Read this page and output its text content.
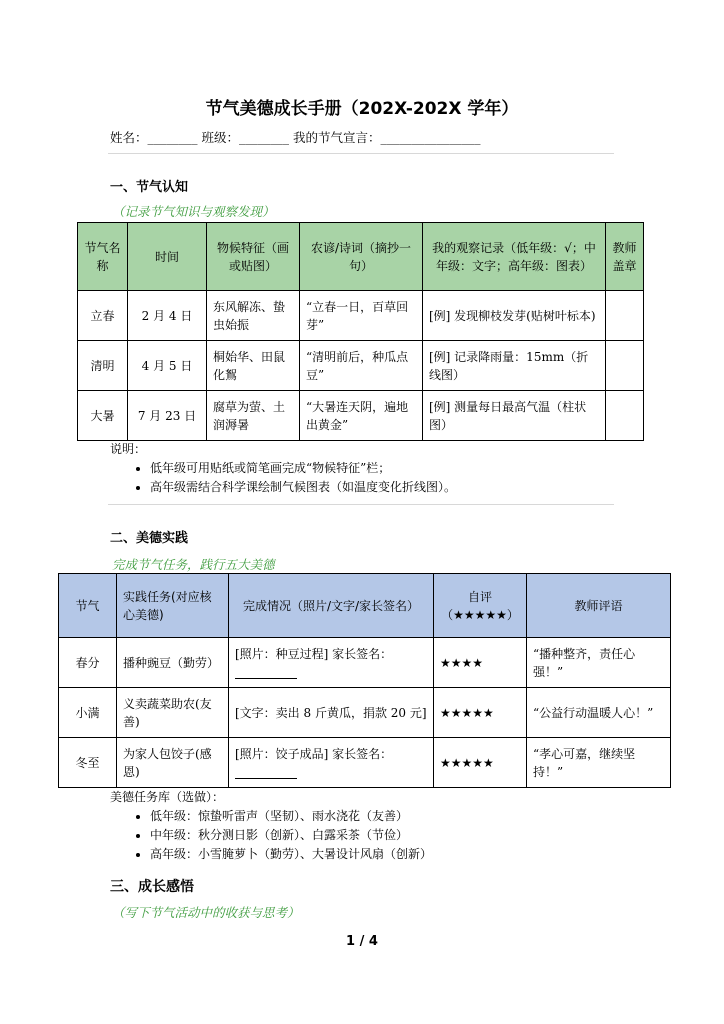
节气美德成长手册（202X-202X 学年）
姓名：________ 班级：________ 我的节气宣言：________________
一、节气认知
（记录节气知识与观察发现）
节气名称	时间	物候特征（画或贴图）	农谚/诗词（摘抄一句）	我的观察记录（低年级：√；中年级：文字；高年级：图表）	教师盖章
立春	2 月 4 日	东风解冻、蛰虫始振	“立春一日，百草回芽”	[例] 发现柳枝发芽(贴树叶标本)	
清明	4 月 5 日	桐始华、田鼠化鴽	“清明前后，种瓜点豆”	[例] 记录降雨量：15mm（折线图）	
大暑	7 月 23 日	腐草为萤、土润溽暑	“大暑连天阴，遍地出黄金”	[例] 测量每日最高气温（柱状图）	
说明：
• 低年级可用贴纸或简笔画完成“物候特征”栏；
• 高年级需结合科学课绘制气候图表（如温度变化折线图）。
二、美德实践
完成节气任务，践行五大美德
节气	实践任务(对应核心美德)	完成情况（照片/文字/家长签名）	自评（★★★★★）	教师评语
春分	播种豌豆（勤劳）	[照片：种豆过程] 家长签名：	★★★★	“播种整齐，责任心强！”
小满	义卖蔬菜助农(友善)	[文字：卖出 8 斤黄瓜，捐款 20 元]	★★★★★	“公益行动温暖人心！”
冬至	为家人包饺子(感恩)	[照片：饺子成品] 家长签名：	★★★★★	“孝心可嘉，继续坚持！”
美德任务库（选做）：
• 低年级：惊蛰听雷声（坚韧）、雨水浇花（友善）
• 中年级：秋分测日影（创新）、白露采茶（节俭）
• 高年级：小雪腌萝卜（勤劳）、大暑设计风扇（创新）
三、成长感悟
（写下节气活动中的收获与思考）
1 / 4
